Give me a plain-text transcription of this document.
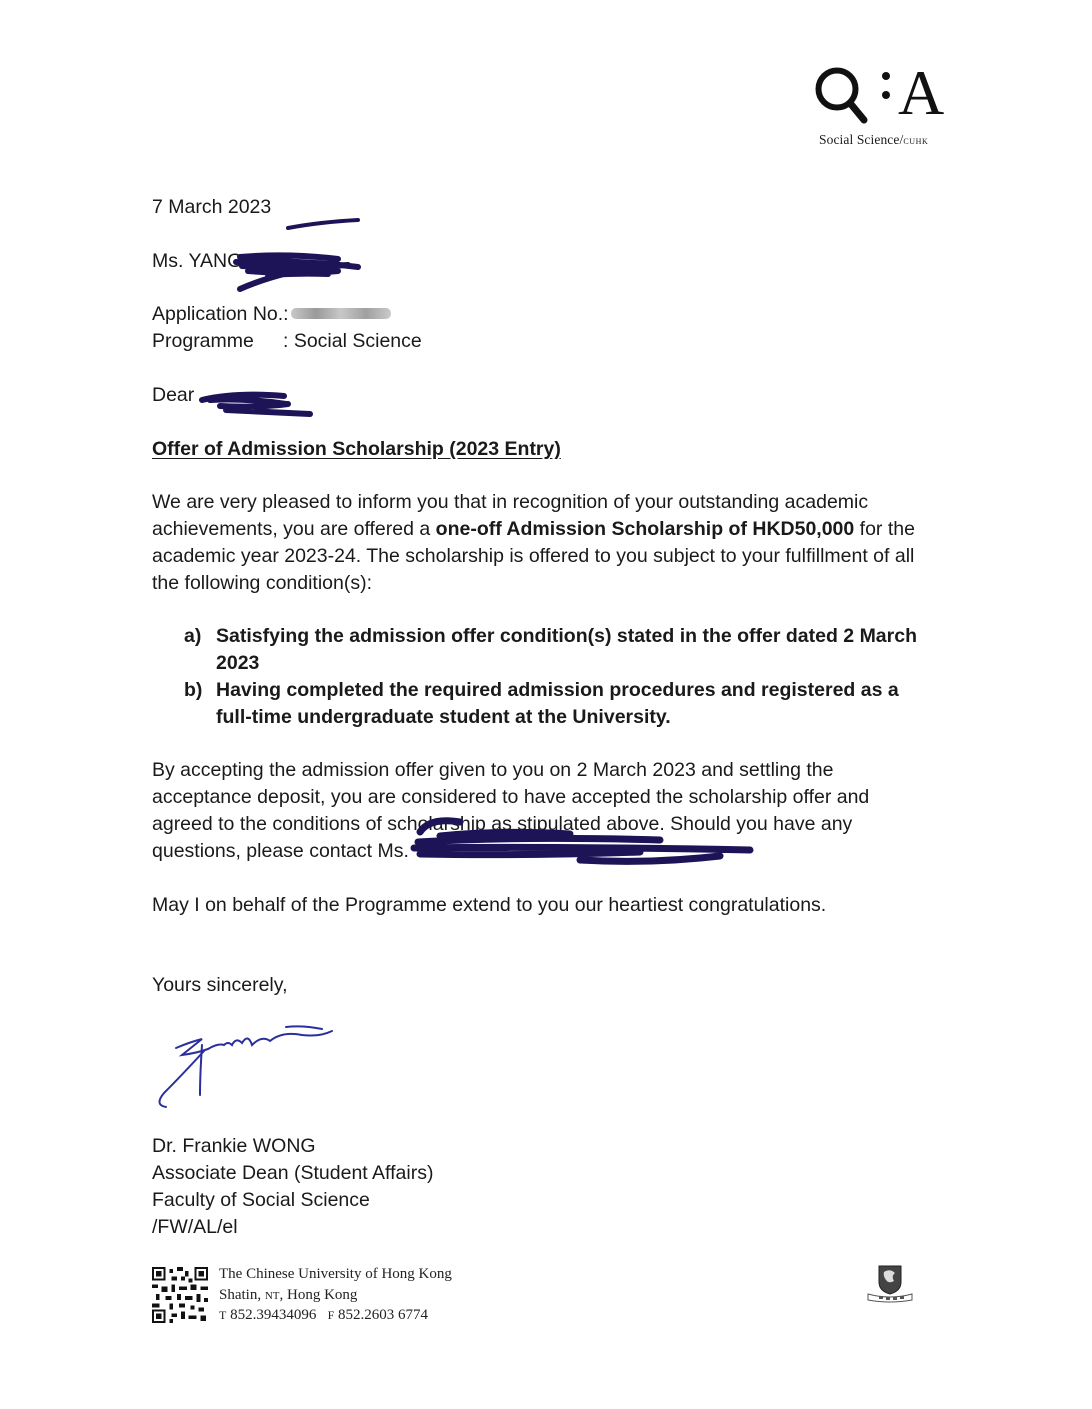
A
Social Science/cuhk
7 March 2023
Ms. YANG
Application No.:
Programme : Social Science
Dear
Offer of Admission Scholarship (2023 Entry)
We are very pleased to inform you that in recognition of your outstanding academic achievements, you are offered a one-off Admission Scholarship of HKD50,000 for the academic year 2023-24. The scholarship is offered to you subject to your fulfillment of all the following condition(s):
a) Satisfying the admission offer condition(s) stated in the offer dated 2 March 2023
b) Having completed the required admission procedures and registered as a full-time undergraduate student at the University.
By accepting the admission offer given to you on 2 March 2023 and settling the acceptance deposit, you are considered to have accepted the scholarship offer and agreed to the conditions of scholarship as stipulated above. Should you have any questions, please contact Ms.
May I on behalf of the Programme extend to you our heartiest congratulations.
Yours sincerely,
Dr. Frankie WONG
Associate Dean (Student Affairs)
Faculty of Social Science
/FW/AL/el
The Chinese University of Hong Kong
Shatin, nt, Hong Kong
T 852.39434096 F 852.2603 6774
